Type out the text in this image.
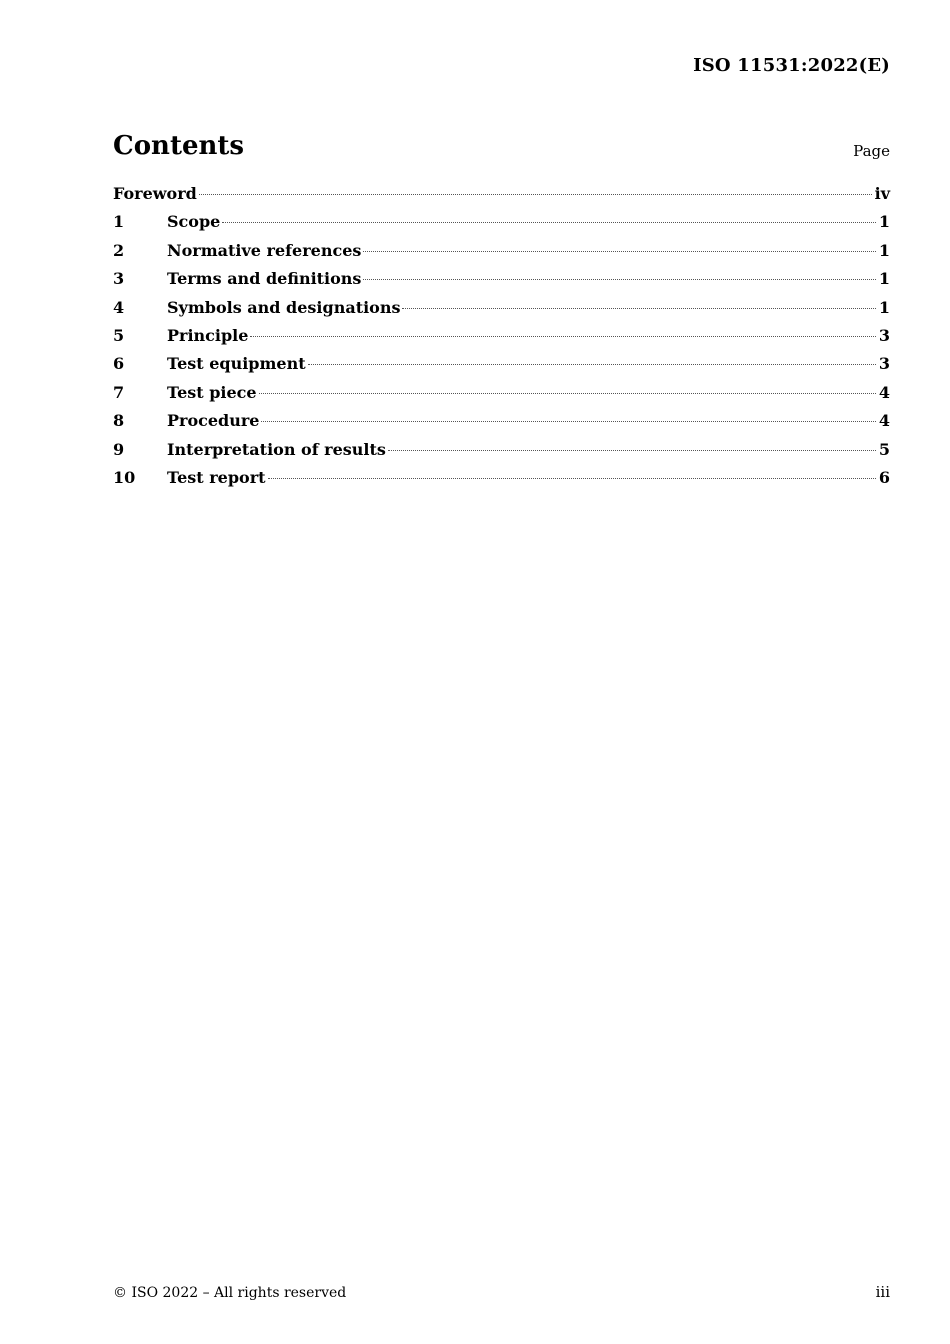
ISO 11531:2022(E)
Contents	Page
Foreword	iv
1	Scope	1
2	Normative references	1
3	Terms and definitions	1
4	Symbols and designations	1
5	Principle	3
6	Test equipment	3
7	Test piece	4
8	Procedure	4
9	Interpretation of results	5
10	Test report	6
© ISO 2022 – All rights reserved	iii
